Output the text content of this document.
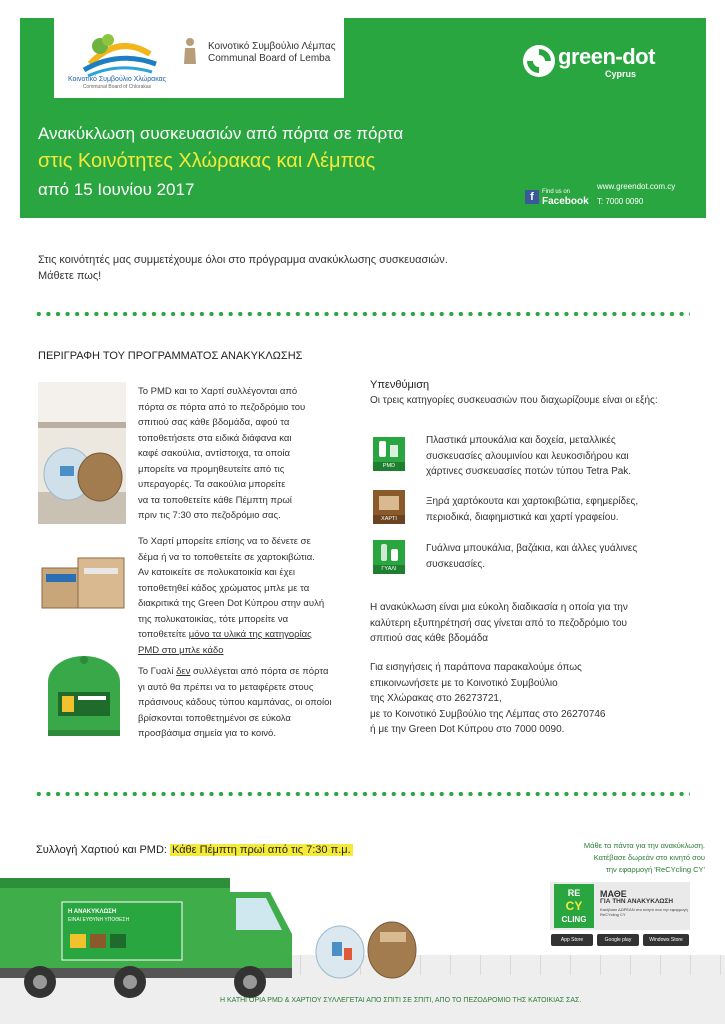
Κοινοτικό Συμβούλιο Χλώρακας
Communal Board of Chlorakas
Κοινοτικό Συμβούλιο Λέμπας
Communal Board of Lemba	green-dot
Cyprus
Ανακύκλωση συσκευασιών από πόρτα σε πόρτα
στις Κοινότητες Χλώρακας και Λέμπας
από 15 Ιουνίου 2017	f	Find us on
Facebook
www.greendot.com.cy
T: 7000 0090
Στις κοινότητές μας συμμετέχουμε όλοι στο πρόγραμμα ανακύκλωσης συσκευασιών.
Μάθετε πως!
ΠΕΡΙΓΡΑΦΗ ΤΟΥ ΠΡΟΓΡΑΜΜΑΤΟΣ ΑΝΑΚΥΚΛΩΣΗΣ
Το PMD και το Χαρτί συλλέγονται από
πόρτα σε πόρτα από το πεζοδρόμιο του
σπιτιού σας κάθε βδομάδα, αφού τα
τοποθετήσετε στα ειδικά διάφανα και
καφέ σακούλια, αντίστοιχα, τα οποία
μπορείτε να προμηθευτείτε από τις
υπεραγορές. Τα σακούλια μπορείτε
να τα τοποθετείτε κάθε Πέμπτη πρωί
πριν τις 7:30 στο πεζοδρόμιο σας.
Το Χαρτί μπορείτε επίσης να το δένετε σε
δέμα ή να το τοποθετείτε σε χαρτοκιβώτια.
Αν κατοικείτε σε πολυκατοικία και έχει
τοποθετηθεί κάδος χρώματος μπλε με τα
διακριτικά της Green Dot Κύπρου στην αυλή
της πολυκατοικίας, τότε μπορείτε να
τοποθετείτε μόνο τα υλικά της κατηγορίας
PMD στο μπλε κάδο
Το Γυαλί δεν συλλέγεται από πόρτα σε πόρτα
γι αυτό θα πρέπει να το μεταφέρετε στους
πράσινους κάδους τύπου καμπάνας, οι οποίοι
βρίσκονται τοποθετημένοι σε εύκολα
προσβάσιμα σημεία για το κοινό.
Υπενθύμιση
Οι τρεις κατηγορίες συσκευασιών που διαχωρίζουμε είναι οι εξής:
PMD
Πλαστικά μπουκάλια και δοχεία, μεταλλικές
συσκευασίες αλουμινίου και λευκοσιδήρου και
χάρτινες συσκευασίες ποτών τύπου Tetra Pak.
ΧΑΡΤΙ
Ξηρά χαρτόκουτα και χαρτοκιβώτια, εφημερίδες,
περιοδικά, διαφημιστικά και χαρτί γραφείου.
ΓΥΑΛΙ
Γυάλινα μπουκάλια, βαζάκια, και άλλες γυάλινες
συσκευασίες.
Η ανακύκλωση είναι μια εύκολη διαδικασία η οποία για την
καλύτερη εξυπηρέτησή σας γίνεται από το πεζοδρόμιο του
σπιτιού σας κάθε βδομάδα
Για εισηγήσεις ή παράπονα παρακαλούμε όπως
επικοινωνήσετε με το Κοινοτικό Συμβούλιο
της Χλώρακας στο 26273721,
με το Κοινοτικό Συμβούλιο της Λέμπας στο 26270746
ή με την Green Dot Κύπρου στο 7000 0090.
Συλλογή Χαρτιού και PMD: Κάθε Πέμπτη πρωί από τις 7:30 π.μ.	Μάθε τα πάντα για την ανακύκλωση.
Κατέβασε δωρεάν στο κινητό σου
την εφαρμογή 'ReCYcling CY'
RE
CY
CLING
ΜΑΘΕ
ΓΙΑ ΤΗΝ ΑΝΑΚΥΚΛΩΣΗ
Κατέβασε ΔΩΡΕΑΝ στο κινητό σου την εφαρμογή ReCYcling CY
App Store	Google play	Windows Store
Η ΑΝΑΚΥΚΛΩΣΗ
ΕΙΝΑΙ ΕΥΘΥΝΗ ΥΠΟΘΕΣΗ
Η ΚΑΤΗΓΟΡΙΑ PMD & ΧΑΡΤΙΟΥ ΣΥΛΛΕΓΕΤΑΙ ΑΠΟ ΣΠΙΤΙ ΣΕ ΣΠΙΤΙ, ΑΠΟ ΤΟ ΠΕΖΟΔΡΟΜΙΟ ΤΗΣ ΚΑΤΟΙΚΙΑΣ ΣΑΣ.
